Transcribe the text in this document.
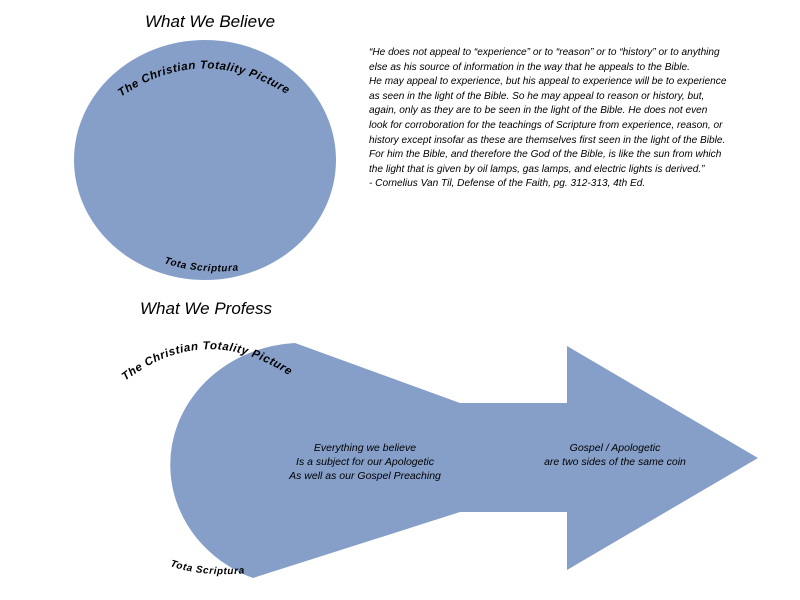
The Christian Totality Picture
Tota Scriptura
The Christian Totality Picture
Tota Scriptura
What We Believe
“He does not appeal to “experience” or to “reason” or to “history” or to anything
else as his source of information in the way that he appeals to the Bible.
He may appeal to experience, but his appeal to experience will be to experience
as seen in the light of the Bible. So he may appeal to reason or history, but,
again, only as they are to be seen in the light of the Bible. He does not even
look for corroboration for the teachings of Scripture from experience, reason, or
history except insofar as these are themselves first seen in the light of the Bible.
For him the Bible, and therefore the God of the Bible, is like the sun from which
the light that is given by oil lamps, gas lamps, and electric lights is derived.”
- Cornelius Van Til, Defense of the Faith, pg. 312-313, 4th Ed.
What We Profess
Everything we believe
Is a subject for our Apologetic
As well as our Gospel Preaching
Gospel / Apologetic
are two sides of the same coin
